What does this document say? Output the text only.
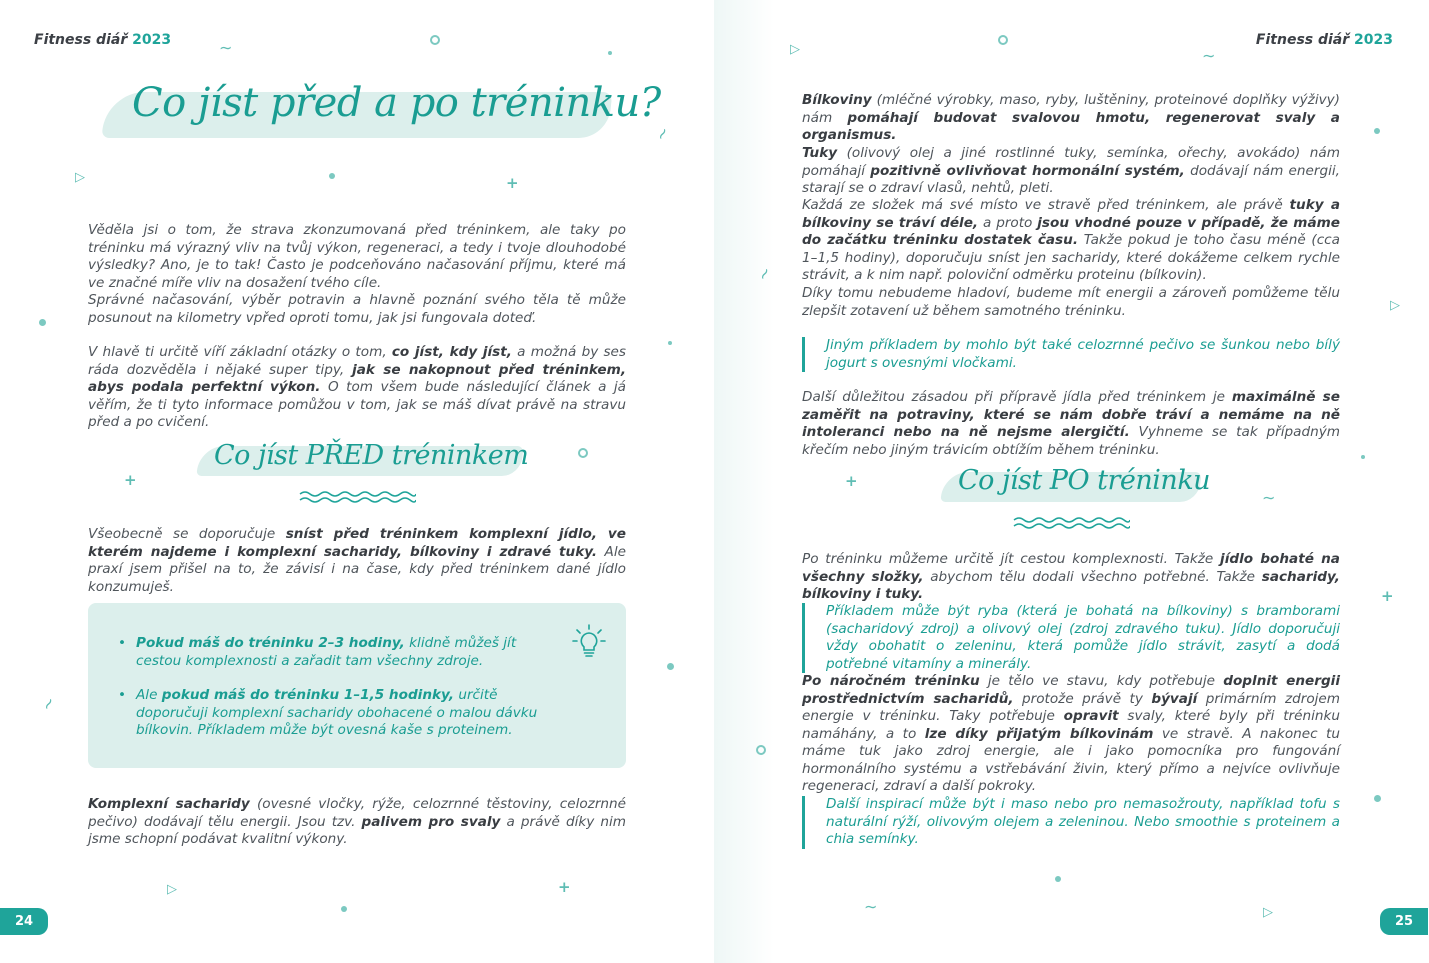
Fitness diář 2023
Co jíst před a po tréninku?

Věděla jsi o tom, že strava zkonzumovaná před tréninkem, ale taky po tréninku má výrazný vliv na tvůj výkon, regeneraci, a tedy i tvoje dlouhodobé výsledky? Ano, je to tak! Často je podceňováno načasování příjmu, které má ve značné míře vliv na dosažení tvého cíle.

Správné načasování, výběr potravin a hlavně poznání svého těla tě může posunout na kilometry vpřed oproti tomu, jak jsi fungovala doteď.

V hlavě ti určitě víří základní otázky o tom, co jíst, kdy jíst, a možná by ses ráda dozvěděla i nějaké super tipy, jak se nakopnout před tréninkem, abys podala perfektní výkon. O tom všem bude následující článek a já věřím, že ti tyto informace pomůžou v tom, jak se máš dívat právě na stravu před a po cvičení.

Co jíst PŘED tréninkem

Všeobecně se doporučuje sníst před tréninkem komplexní jídlo, ve kterém najdeme i komplexní sacharidy, bílkoviny i zdravé tuky. Ale praxí jsem přišel na to, že závisí i na čase, kdy před tréninkem dané jídlo konzumuješ.

• Pokud máš do tréninku 2–3 hodiny, klidně můžeš jít cestou komplexnosti a zařadit tam všechny zdroje.
• Ale pokud máš do tréninku 1–1,5 hodinky, určitě doporučuji komplexní sacharidy obohacené o malou dávku bílkovin. Příkladem může být ovesná kaše s proteinem.

Komplexní sacharidy (ovesné vločky, rýže, celozrnné těstoviny, celozrnné pečivo) dodávají tělu energii. Jsou tzv. palivem pro svaly a právě díky nim jsme schopní podávat kvalitní výkony.

24
∼
∼
▷	+
+
∼
▷	+
Fitness diář 2023

Bílkoviny (mléčné výrobky, maso, ryby, luštěniny, proteinové doplňky výživy) nám pomáhají budovat svalovou hmotu, regenerovat svaly a organismus.

Tuky (olivový olej a jiné rostlinné tuky, semínka, ořechy, avokádo) nám pomáhají pozitivně ovlivňovat hormonální systém, dodávají nám energii, starají se o zdraví vlasů, nehtů, pleti.

Každá ze složek má své místo ve stravě před tréninkem, ale právě tuky a bílkoviny se tráví déle, a proto jsou vhodné pouze v případě, že máme do začátku tréninku dostatek času. Takže pokud je toho času méně (cca 1–1,5 hodiny), doporučuju sníst jen sacharidy, které dokážeme celkem rychle strávit, a k nim např. poloviční odměrku proteinu (bílkovin).

Díky tomu nebudeme hladoví, budeme mít energii a zároveň pomůžeme tělu zlepšit zotavení už během samotného tréninku.

Jiným příkladem by mohlo být také celozrnné pečivo se šunkou nebo bílý jogurt s ovesnými vločkami.

Další důležitou zásadou při přípravě jídla před tréninkem je maximálně se zaměřit na potraviny, které se nám dobře tráví a nemáme na ně intoleranci nebo na ně nejsme alergičtí. Vyhneme se tak případným křečím nebo jiným trávicím obtížím během tréninku.

Co jíst PO tréninku

Po tréninku můžeme určitě jít cestou komplexnosti. Takže jídlo bohaté na všechny složky, abychom tělu dodali všechno potřebné. Takže sacharidy, bílkoviny i tuky.

Příkladem může být ryba (která je bohatá na bílkoviny) s bramborami (sacharidový zdroj) a olivový olej (zdroj zdravého tuku). Jídlo doporučuji vždy obohatit o zeleninu, která pomůže jídlo strávit, zasytí a dodá potřebné vitamíny a minerály.

Po náročném tréninku je tělo ve stavu, kdy potřebuje doplnit energii prostřednictvím sacharidů, protože právě ty bývají primárním zdrojem energie v tréninku. Taky potřebuje opravit svaly, které byly při tréninku namáhány, a to lze díky přijatým bílkovinám ve stravě. A nakonec tu máme tuk jako zdroj energie, ale i jako pomocníka pro fungování hormonálního systému a vstřebávání živin, který přímo a nejvíce ovlivňuje regeneraci, zdraví a další pokroky.

Další inspirací může být i maso nebo pro nemasožrouty, například tofu s naturální rýží, olivovým olejem a zeleninou. Nebo smoothie s proteinem a chia semínky.

25
▷	∼
∼
▷
+
∼
+
∼	▷
